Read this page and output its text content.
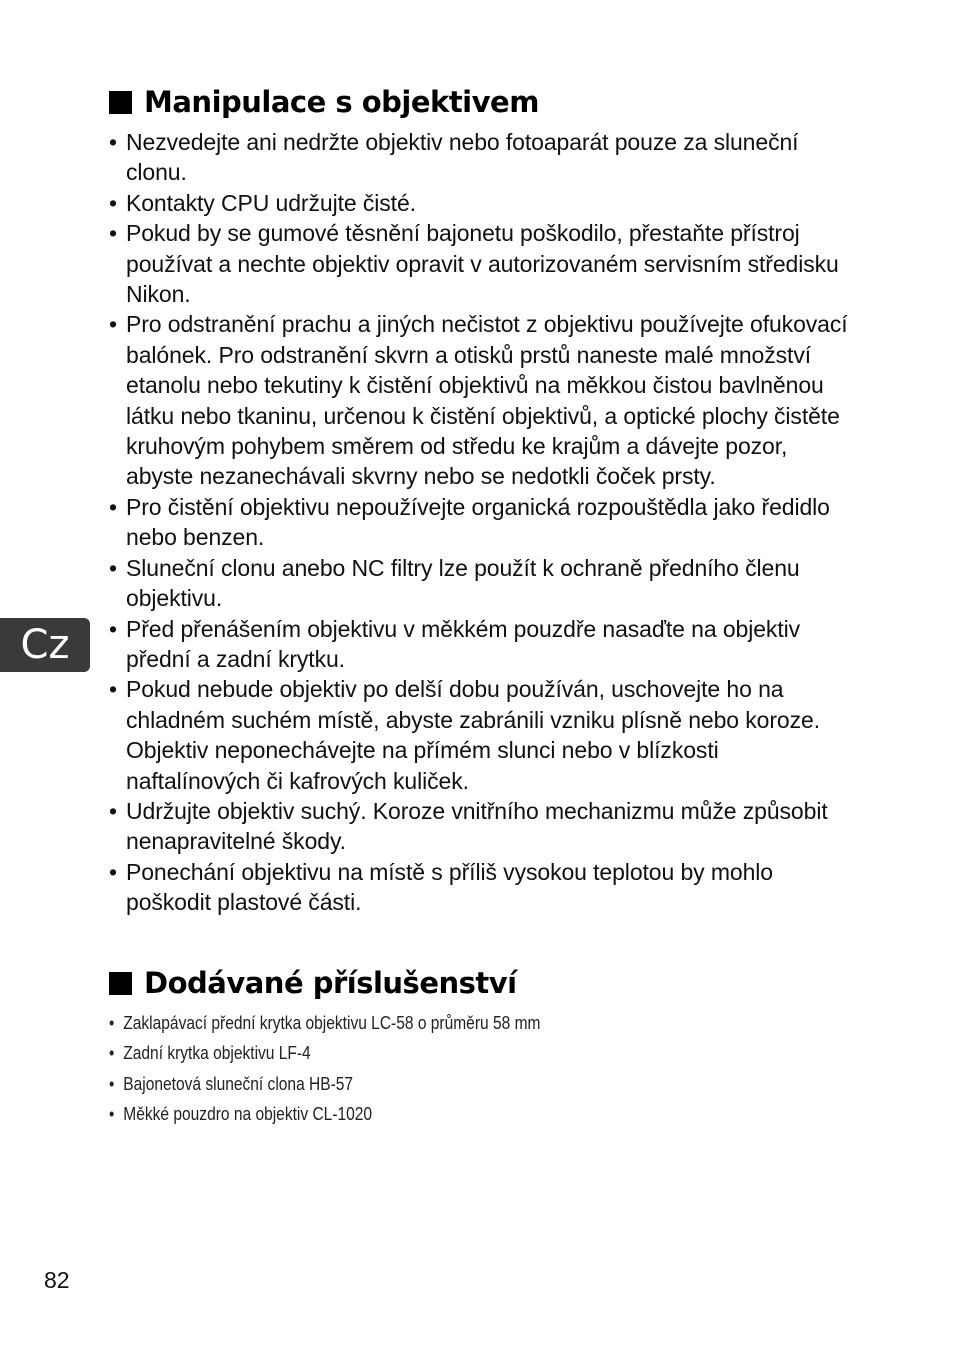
Manipulace s objektivem
• Nezvedejte ani nedržte objektiv nebo fotoaparát pouze za sluneční clonu.
• Kontakty CPU udržujte čisté.
• Pokud by se gumové těsnění bajonetu poškodilo, přestaňte přístroj používat a nechte objektiv opravit v autorizovaném servisním středisku Nikon.
• Pro odstranění prachu a jiných nečistot z objektivu používejte ofukovací balónek. Pro odstranění skvrn a otisků prstů naneste malé množství etanolu nebo tekutiny k čistění objektivů na měkkou čistou bavlněnou látku nebo tkaninu, určenou k čistění objektivů, a optické plochy čistěte kruhovým pohybem směrem od středu ke krajům a dávejte pozor, abyste nezanechávali skvrny nebo se nedotkli čoček prsty.
• Pro čistění objektivu nepoužívejte organická rozpouštědla jako ředidlo nebo benzen.
• Sluneční clonu anebo NC filtry lze použít k ochraně předního členu objektivu.
• Před přenášením objektivu v měkkém pouzdře nasaďte na objektiv přední a zadní krytku.
• Pokud nebude objektiv po delší dobu používán, uschovejte ho na chladném suchém místě, abyste zabránili vzniku plísně nebo koroze. Objektiv neponechávejte na přímém slunci nebo v blízkosti naftalínových či kafrových kuliček.
• Udržujte objektiv suchý. Koroze vnitřního mechanizmu může způsobit nenapravitelné škody.
• Ponechání objektivu na místě s příliš vysokou teplotou by mohlo poškodit plastové části.
Dodávané příslušenství
• Zaklapávací přední krytka objektivu LC-58 o průměru 58 mm
• Zadní krytka objektivu LF-4
• Bajonetová sluneční clona HB-57
• Měkké pouzdro na objektiv CL-1020
Cz
82
